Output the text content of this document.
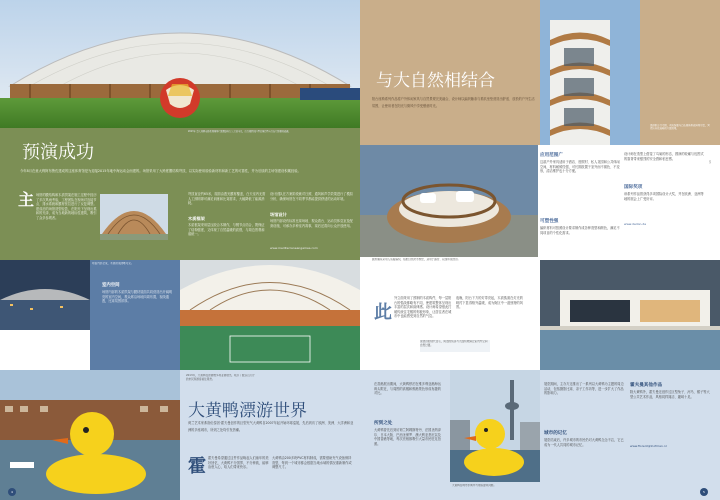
2013年 意大利阿布鲁佐网球场穹顶膜结构完工后的全景，红白相间的巨型足球造型与白色穹顶相映成趣。
预演成功
今年8月在意大利阿布鲁佐建成的这座体育馆是为迎接2015年地中海运动会而建的。场馆采用了大跨度膜结构穹顶，以实际使用检验新材料和新工艺的可靠性，并为后续的主场馆建设积累经验。
主 场馆的膜结构和木质拱架在施工过程中经历了多次风雨考验，工程团队在现场对连接节点、排水系统和膜材张拉进行了反复调整。建成后的场馆造型轻盈，在阳光下呈现出柔和的光泽，成为当地新的地标性建筑，吸引了众多参观者。
穹顶直径约65米，屋面由透光膜材覆盖，白天室内无需人工照明即可满足训练和比赛需求，大幅降低了能源消耗。
木质框架
木质框架采用层压胶合木制作，与钢节点结合，既保证了结构强度，又体现了自然温暖的质感，与周边景观和谐统一。
设计团队在方案阶段就对日照、通风和声学效果进行了模拟分析，确保场馆在不同季节都能提供舒适的运动环境。
场馆设计
场馆内部设有标准比赛场地、观众看台、运动员休息室及配套设施，可承办多种室内赛事，赛后还将向公众开放使用。
www.mediterraneangames.com
与大自然相结合
阳台座椅系列作品将户外休闲家具与自然景观完美融合，设计师以编织藤条与柔软坐垫营造出舒适、放松的户外生活氛围，让使用者在阳光与微风中享受惬意时光。
弧形阳台住宅楼，木质饰面与白色墙体形成鲜明对比，营造出自然流畅的立面效果。
圆形躺床采用人造藤编织，搭配白色防水软垫，适用于露台、花园和泳池边。
应用范围广
这款户外家具适用于酒店、度假村、私人花园和公共休闲空间，材料耐候性强，可长期放置于室外而不褪色、不变形，清洁维护也十分方便。
可塑性强
编织材料可按照设计要求制作成各种造型和颜色，满足不同项目的个性化需求。
设计师在造型上借鉴了鸟巢的形态，圆润的轮廓与包围式的靠背带来强烈的安全感和私密感。
国际奖项
该系列作品曾获得多项国际设计大奖，并在欧洲、亚洲等地的展会上广受好评。
www.dedon.de
95
场馆内部全景，木质拱架清晰可见。
室内空间
场馆内部的木质拱架与膜材屋面共同营造出开阔明亮的室内空间，观众席沿场地四周布置，视线通透，比赛氛围浓厚。
此
外立面采用了预制的木质构件，每一层阳台的弧线都略有不同，使建筑整体呈现出丰富的层次和韵律感。设计师希望借此打破传统住宅楼的刻板形象，让居住者在城市中也能感受到自然的气息。
夜晚，阳台下方的灯带亮起，木质弧面在灯光的映衬下显得格外温暖，成为街区中一道独特的风景。
泳池边的现代住宅，简洁的线条与大面积玻璃让室内外空间自然过渡。
2013年，大黄鸭在香港维多利亚港展出，吸引了数以百万计的市民和游客前往观赏。
大黄鸭漂游世界
荷兰艺术家弗洛伦泰因·霍夫曼创作的巨型充气大黄鸭自2007年起开始环球巡展，先后到访了欧洲、美洲、大洋洲和亚洲的多座城市，所到之处均引发热潮。
霍 霍夫曼希望通过这件作品唤起人们童年的美好回忆，大黄鸭不分国界，不分种族，能够治愈人心，给人们带来快乐。
大黄鸭由200多块PVC材料制成，需要借助充气设备保持造型，每到一个城市都会根据当地水域的情况重新制作或调整尺寸。
4
在香港展出期间，大黄鸭停泊在维多利亚港海运码头附近，与周围的高楼和维港景色形成有趣的对比。
所到之处
大黄鸭曾先后到访荷兰阿姆斯特丹、法国圣纳泽尔、日本大阪、巴西圣保罗、澳大利亚悉尼以及中国香港等地，每次亮相都吸引大量市民驻足拍照。
大黄鸭在城市水域中与地标建筑同框。
展览期间，主办方还推出了一系列以大黄鸭为主题的周边活动，包括摄影比赛、亲子工作坊等，进一步扩大了作品的影响力。
城市的记忆
展览结束后，许多城市的市民仍对大黄鸭念念不忘，它已成为一代人共同的城市记忆。
霍夫曼其他作品
除大黄鸭外，霍夫曼还创作过巨型兔子、河马、猴子等大型公共艺术作品，风格同样简洁、趣味十足。
www.florentijnhofman.nl
5
